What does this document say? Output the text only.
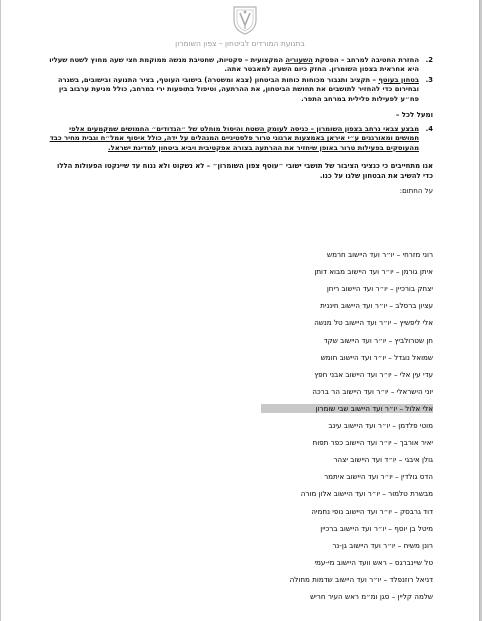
בתנועת המורדים לביטחון – צפון השומרון
2.
החזרת החטיבה למרחב – הפסקת השעוריה המקצועית – סקטיות, שחטיבת מנשה ממוקמת חצי שעה מחוץ לשטח שעליו היא אחראית בצפון השומרון. החזק כיום השעה למאבטר אתה.
3.
בטחון בעוטף – תקציב ותגבור מכוחות כוחות הביטחון (צבא ומשטרה) בישובי העוטף, בציר התנועה ובישובים, בשגרה ובחירום כדי להחזיר לתושבים את תחושת הביטחון, את ההרתעה, וטיפול בתופעות ירי במרחב, כולל מניעת ערבוב בין פח״ע לפעילות פלילית במרחב התפר.
ומעל לכל –
4.
מבצע צבאי נרחב בצפון השומרון – כניסה לעומק השטח והיסול מוחלט של ״הגדודים״ החמושים שמקמעים אלפי חמושים ומאורגנים ע״י איראן באמצעות ארגוני טרור פלסטיניים המנהלים על ידה, כולל איסוף אמל״ח וגבית מחיר כבד מהעוסקים בפעילות טרור באופן שיחזיר את ההרתעה בצורה אפקטיבית ויביא ביטחון למדינת ישראל.
אנו מתחייבים כי כנציגי הציבור של תושבי ישובי ״עוטף צפון השומרון״ – לא נשקוט ולא ננוח עד שיינקטו הפעולות הללו כדי להשיב את הבטחון שלנו על כנו.
על החתום:
רוני מזרחי – יו״ר ועד היישוב חרמש
איתן גורמן – יו״ר ועד היישוב מבוא דותן
יצחק בורכיין – יו״ר ועד היישוב ריחן
עציון ברסלב – יו״ר ועד היישוב חיננית
אלי ליפשיץ – יו״ר ועד היישוב טל מנשה
חן שטרולביץ – יו״ר ועד היישוב שקד
שמואל נוגדל – יו״ר ועד היישוב חומש
עדי עין אלי – יו״ר ועד היישוב אבני חפץ
יוני הישראלי – יו״ר ועד היישוב הר ברכה
אלי אלול – יו״ר ועד היישוב שבי שומרון
מוטי פלדמן – יו״ר ועד היישוב עינב
יאיר אורבך – יו״ר ועד היישוב כפר תפוח
גולן איבגי – יו״ד ועד היישוב יצהר
הדס גולדין – יו״ר ועד היישוב איתמר
מבשרת טלמור – יו״ר ועד היישוב אלון מורה
דוד גרבסק – יו״ר ועד היישוב נופי נחמיה
מיטל בן יוסף – יו״ר ועד היישוב ברכיין
רונן משיח – יו״ר ועד היישוב גן-נר
טל שיינברגס – ראש וועד היישוב מי-עמי
דניאל רוזנפלד – יו״ר ועד היישוב שדמות מחולה
שלמה קליין – סגן ומ״מ ראש העיר חריש
